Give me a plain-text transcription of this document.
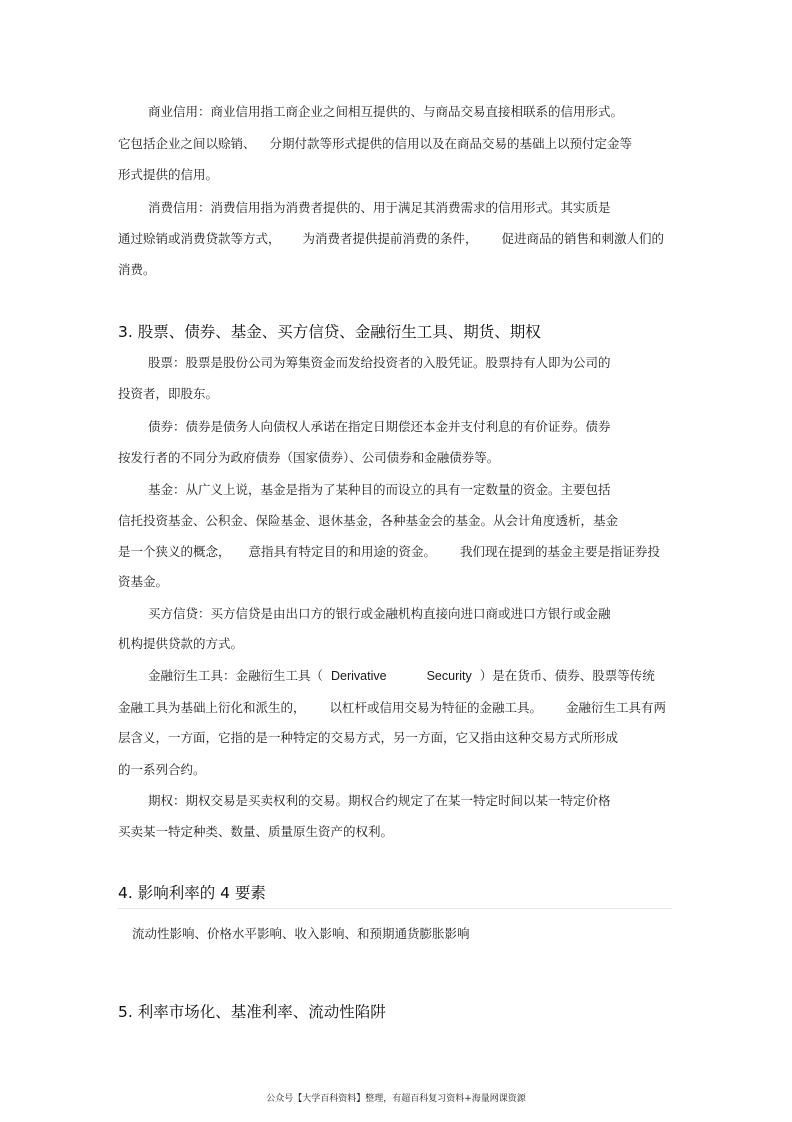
商业信用：商业信用指工商企业之间相互提供的、与商品交易直接相联系的信用形式。
它包括企业之间以赊销、 分期付款等形式提供的信用以及在商品交易的基础上以预付定金等
形式提供的信用。
消费信用：消费信用指为消费者提供的、用于满足其消费需求的信用形式。其实质是
通过赊销或消费贷款等方式， 为消费者提供提前消费的条件， 促进商品的销售和刺激人们的
消费。
3. 股票、债券、基金、买方信贷、金融衍生工具、期货、期权
股票：股票是股份公司为筹集资金而发给投资者的入股凭证。股票持有人即为公司的
投资者，即股东。
债券：债券是债务人向债权人承诺在指定日期偿还本金并支付利息的有价证券。债券
按发行者的不同分为政府债券（国家债券）、公司债券和金融债券等。
基金：从广义上说，基金是指为了某种目的而设立的具有一定数量的资金。主要包括
信托投资基金、公积金、保险基金、退休基金，各种基金会的基金。从会计角度透析，基金
是一个狭义的概念， 意指具有特定目的和用途的资金。 我们现在提到的基金主要是指证券投
资基金。
买方信贷：买方信贷是由出口方的银行或金融机构直接向进口商或进口方银行或金融
机构提供贷款的方式。
金融衍生工具：金融衍生工具（ Derivative	Security ）是在货币、债券、股票等传统
金融工具为基础上衍化和派生的， 以杠杆或信用交易为特征的金融工具。 金融衍生工具有两
层含义，一方面，它指的是一种特定的交易方式，另一方面，它又指由这种交易方式所形成
的一系列合约。
期权：期权交易是买卖权利的交易。期权合约规定了在某一特定时间以某一特定价格
买卖某一特定种类、数量、质量原生资产的权利。
4. 影响利率的 4 要素
流动性影响、价格水平影响、收入影响、和预期通货膨胀影响
5. 利率市场化、基准利率、流动性陷阱
公众号【大学百科资料】整理，有超百科复习资料+海量网课资源
